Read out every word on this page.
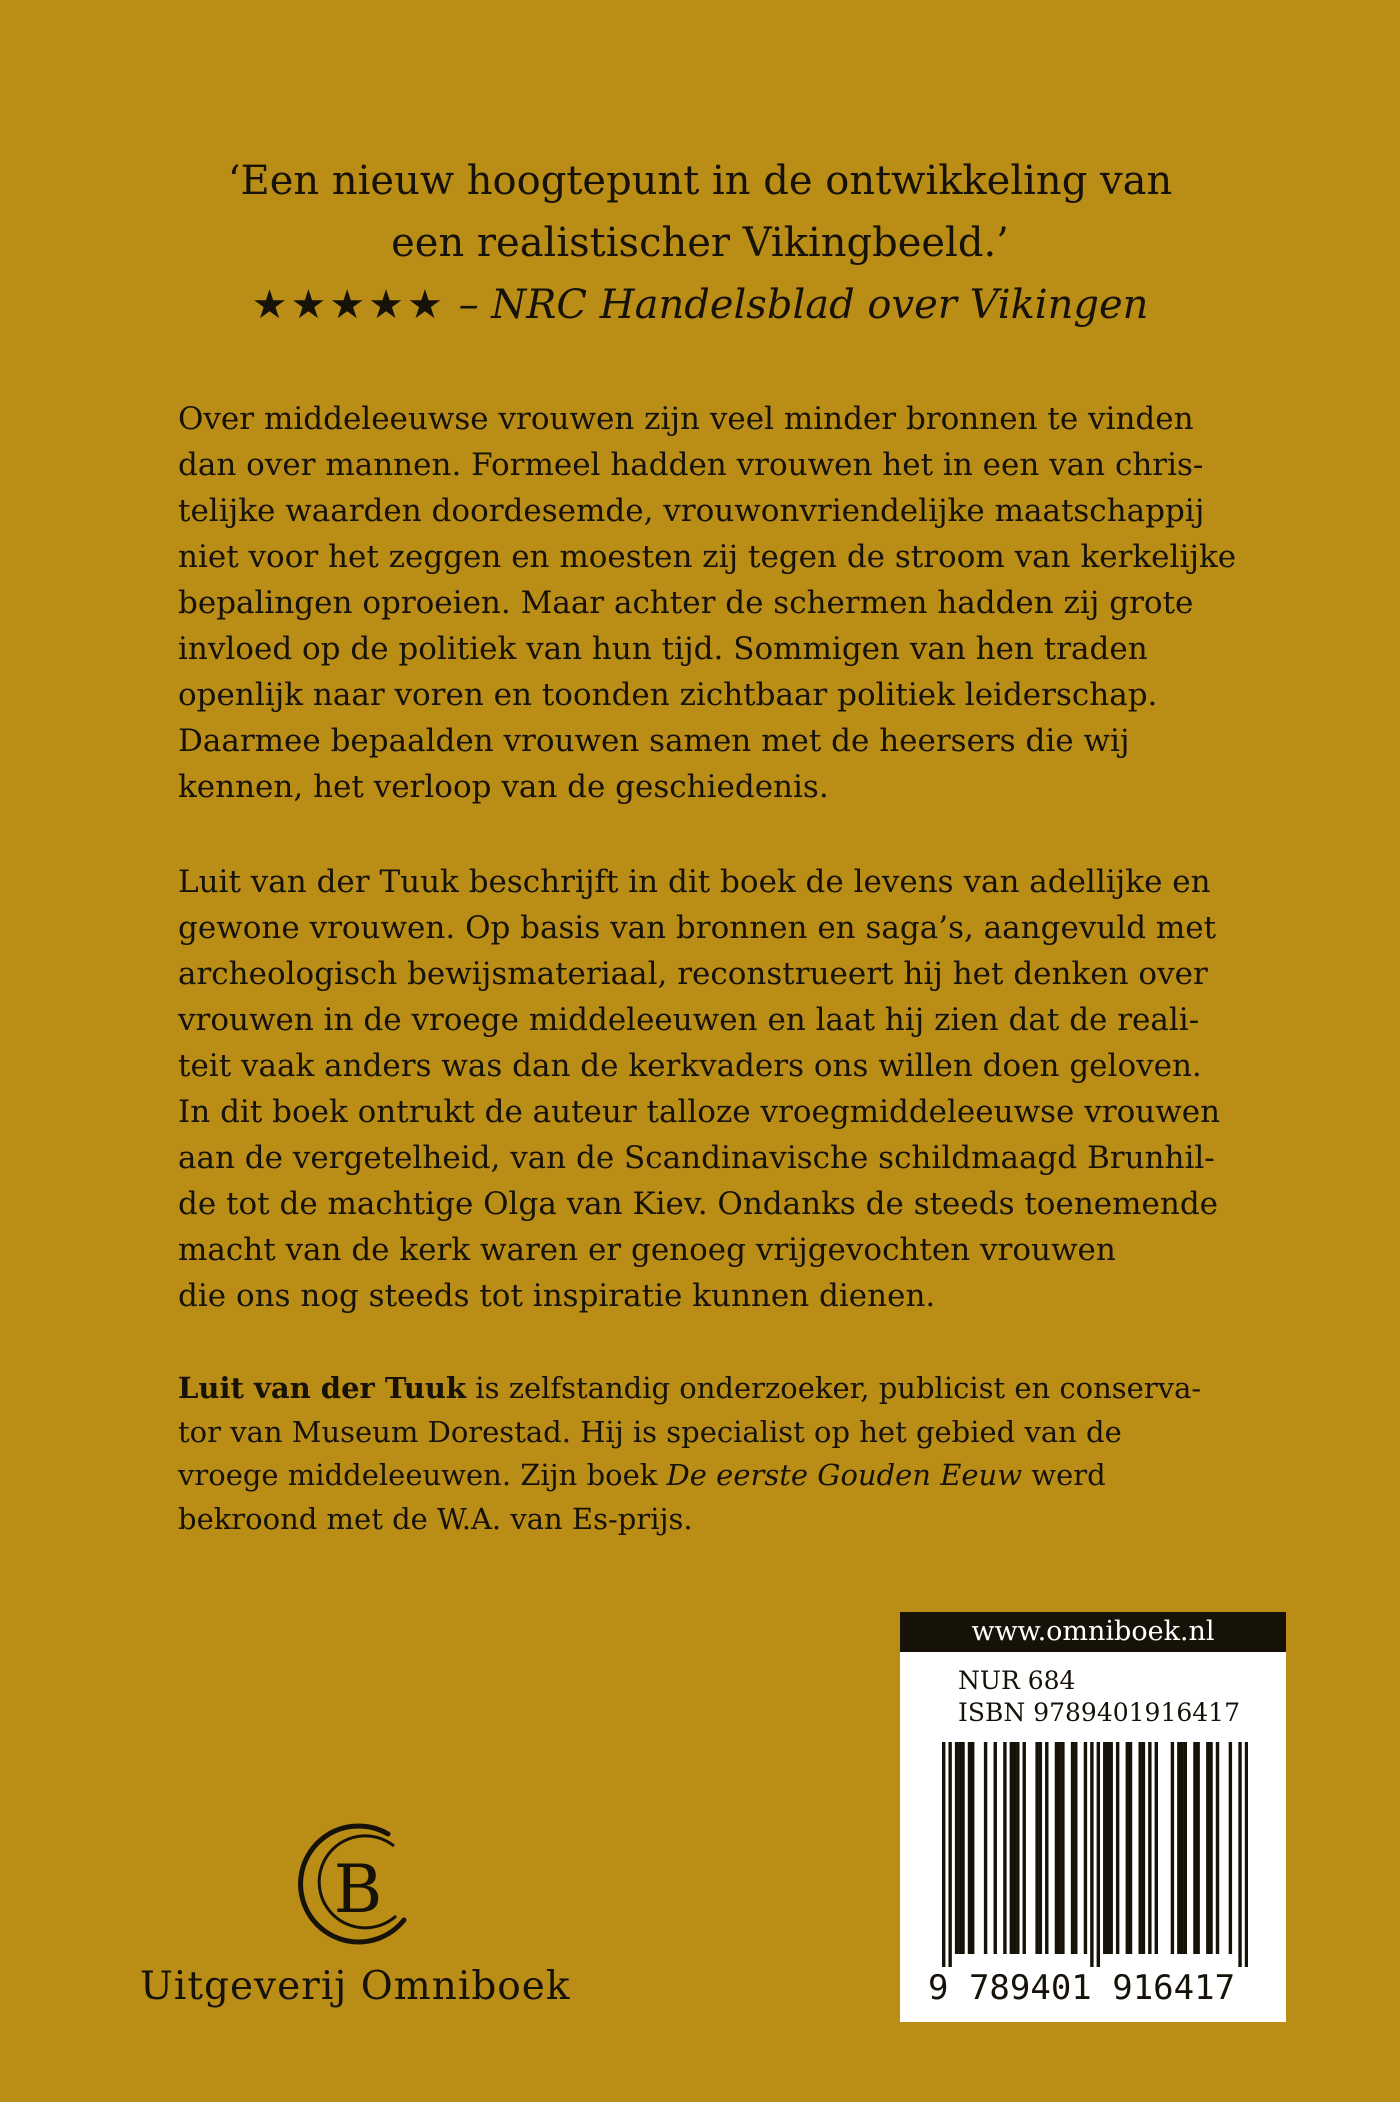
‘Een nieuw hoogtepunt in de ontwikkeling van
een realistischer Vikingbeeld.’
★★★★★ – NRC Handelsblad over Vikingen
Over middeleeuwse vrouwen zijn veel minder bronnen te vinden
dan over mannen. Formeel hadden vrouwen het in een van chris-
telijke waarden doordesemde, vrouwonvriendelijke maatschappij
niet voor het zeggen en moesten zij tegen de stroom van kerkelijke
bepalingen oproeien. Maar achter de schermen hadden zij grote
invloed op de politiek van hun tijd. Sommigen van hen traden
openlijk naar voren en toonden zichtbaar politiek leiderschap.
Daarmee bepaalden vrouwen samen met de heersers die wij
kennen, het verloop van de geschiedenis.
Luit van der Tuuk beschrijft in dit boek de levens van adellijke en
gewone vrouwen. Op basis van bronnen en saga’s, aangevuld met
archeologisch bewijsmateriaal, reconstrueert hij het denken over
vrouwen in de vroege middeleeuwen en laat hij zien dat de reali-
teit vaak anders was dan de kerkvaders ons willen doen geloven.
In dit boek ontrukt de auteur talloze vroegmiddeleeuwse vrouwen
aan de vergetelheid, van de Scandinavische schildmaagd Brunhil-
de tot de machtige Olga van Kiev. Ondanks de steeds toenemende
macht van de kerk waren er genoeg vrijgevochten vrouwen
die ons nog steeds tot inspiratie kunnen dienen.
Luit van der Tuuk is zelfstandig onderzoeker, publicist en conserva-
tor van Museum Dorestad. Hij is specialist op het gebied van de
vroege middeleeuwen. Zijn boek De eerste Gouden Eeuw werd
bekroond met de W.A. van Es-prijs.
www.omniboek.nl
NUR 684
ISBN 9789401916417
9 789401 916417
B
Uitgeverij Omniboek
